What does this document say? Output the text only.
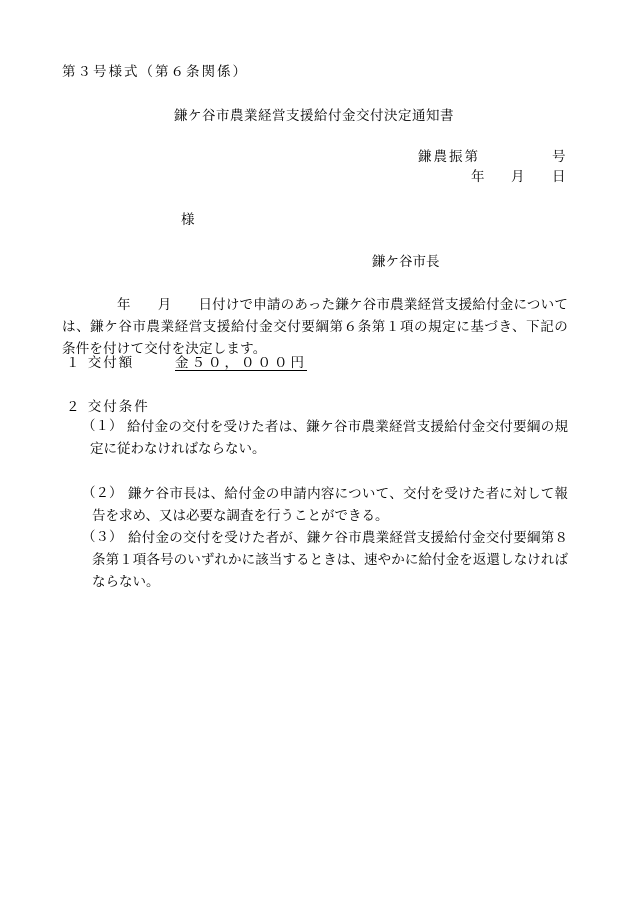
第３号様式（第６条関係）
鎌ケ谷市農業経営支援給付金交付決定通知書
鎌農振第	号
年 月 日
様
鎌ケ谷市長
年 月 日付けで申請のあった鎌ケ谷市農業経営支援給付金については、鎌ケ谷市農業経営支援給付金交付要綱第６条第１項の規定に基づき、下記の条件を付けて交付を決定します。
１ 交付額	金５０，０００円
２ 交付条件
（１） 給付金の交付を受けた者は、鎌ケ谷市農業経営支援給付金交付要綱の規定に従わなければならない。
（２） 鎌ケ谷市長は、給付金の申請内容について、交付を受けた者に対して報告を求め、又は必要な調査を行うことができる。
（３） 給付金の交付を受けた者が、鎌ケ谷市農業経営支援給付金交付要綱第８条第１項各号のいずれかに該当するときは、速やかに給付金を返還しなければならない。
